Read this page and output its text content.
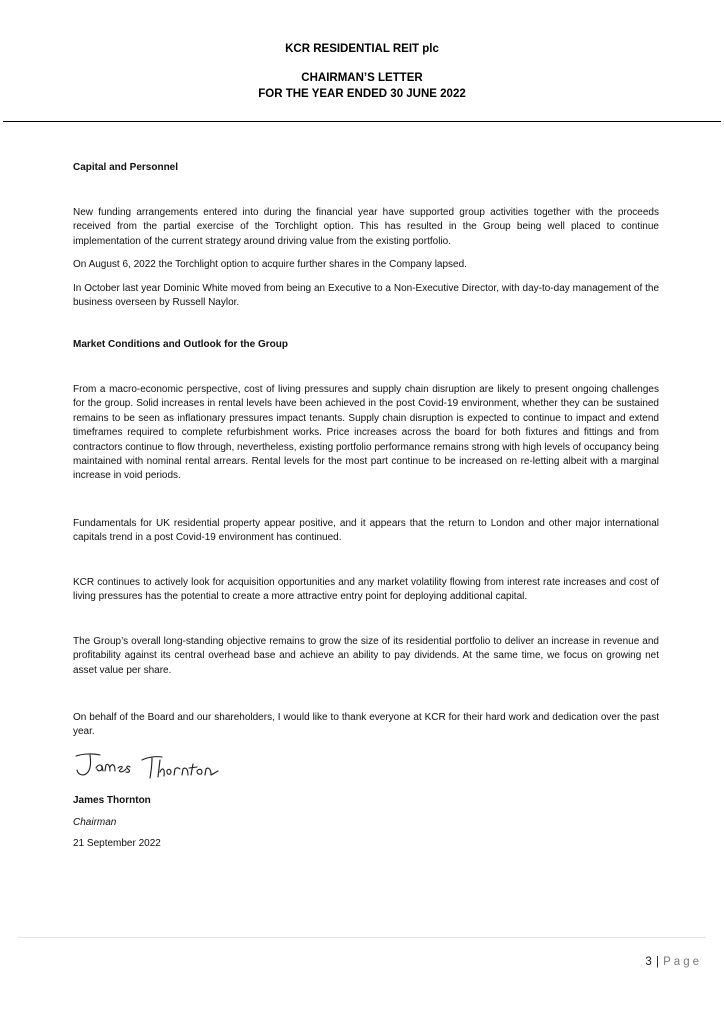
KCR RESIDENTIAL REIT plc
CHAIRMAN’S LETTER
FOR THE YEAR ENDED 30 JUNE 2022
Capital and Personnel
New funding arrangements entered into during the financial year have supported group activities together with the proceeds received from the partial exercise of the Torchlight option. This has resulted in the Group being well placed to continue implementation of the current strategy around driving value from the existing portfolio.
On August 6, 2022 the Torchlight option to acquire further shares in the Company lapsed.
In October last year Dominic White moved from being an Executive to a Non-Executive Director, with day-to-day management of the business overseen by Russell Naylor.
Market Conditions and Outlook for the Group
From a macro-economic perspective, cost of living pressures and supply chain disruption are likely to present ongoing challenges for the group. Solid increases in rental levels have been achieved in the post Covid-19 environment, whether they can be sustained remains to be seen as inflationary pressures impact tenants. Supply chain disruption is expected to continue to impact and extend timeframes required to complete refurbishment works. Price increases across the board for both fixtures and fittings and from contractors continue to flow through, nevertheless, existing portfolio performance remains strong with high levels of occupancy being maintained with nominal rental arrears. Rental levels for the most part continue to be increased on re-letting albeit with a marginal increase in void periods.
Fundamentals for UK residential property appear positive, and it appears that the return to London and other major international capitals trend in a post Covid-19 environment has continued.
KCR continues to actively look for acquisition opportunities and any market volatility flowing from interest rate increases and cost of living pressures has the potential to create a more attractive entry point for deploying additional capital.
The Group’s overall long-standing objective remains to grow the size of its residential portfolio to deliver an increase in revenue and profitability against its central overhead base and achieve an ability to pay dividends. At the same time, we focus on growing net asset value per share.
On behalf of the Board and our shareholders, I would like to thank everyone at KCR for their hard work and dedication over the past year.
James Thornton
Chairman
21 September 2022
3 | Page
